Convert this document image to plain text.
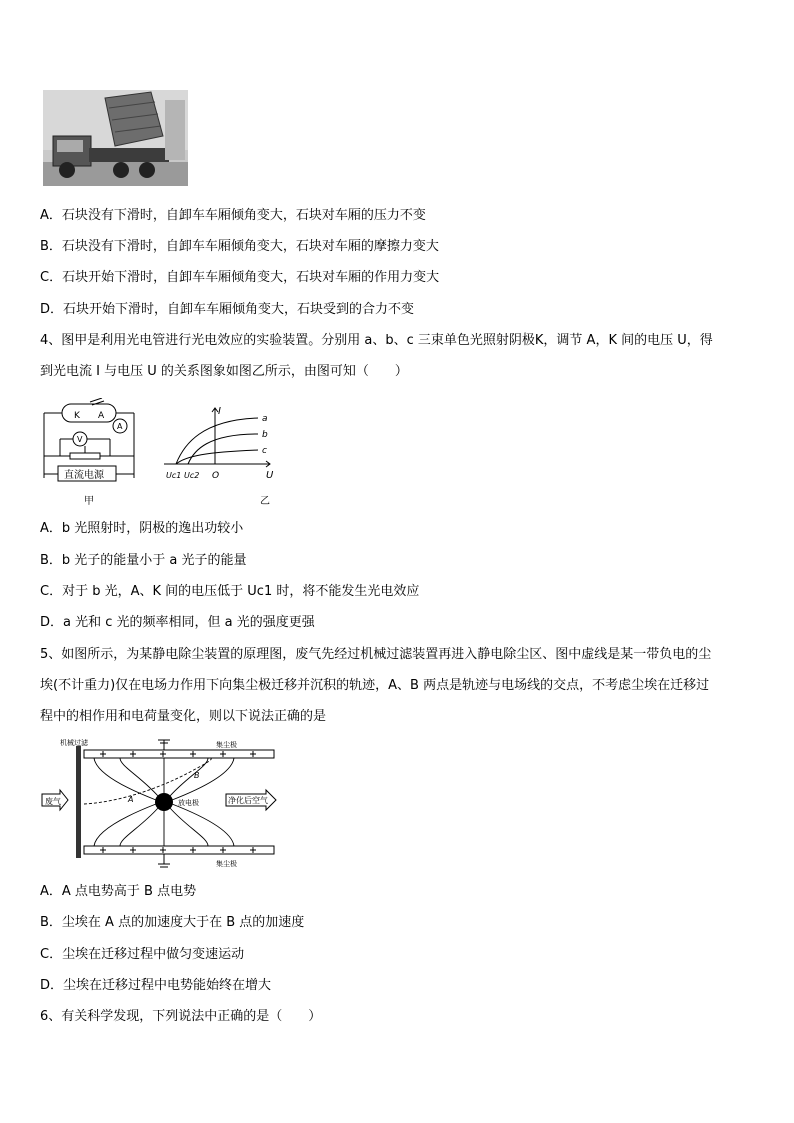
A．石块没有下滑时，自卸车车厢倾角变大，石块对车厢的压力不变
B．石块没有下滑时，自卸车车厢倾角变大，石块对车厢的摩擦力变大
C．石块开始下滑时，自卸车车厢倾角变大，石块对车厢的作用力变大
D．石块开始下滑时，自卸车车厢倾角变大，石块受到的合力不变
4、图甲是利用光电管进行光电效应的实验装置。分别用 a、b、c 三束单色光照射阴极K，调节 A，K 间的电压 U，得
到光电流 I 与电压 U 的关系图象如图乙所示，由图可知（　　）
K A
A
V
直流电源
甲
I
U
O
Uc1 Uc2
a
b
c
乙
A．b 光照射时，阴极的逸出功较小
B．b 光子的能量小于 a 光子的能量
C．对于 b 光，A、K 间的电压低于 Uc1 时，将不能发生光电效应
D．a 光和 c 光的频率相同，但 a 光的强度更强
5、如图所示，为某静电除尘装置的原理图，废气先经过机械过滤装置再进入静电除尘区、图中虚线是某一带负电的尘
埃(不计重力)仅在电场力作用下向集尘极迁移并沉积的轨迹，A、B 两点是轨迹与电场线的交点，不考虑尘埃在迁移过
程中的相作用和电荷量变化，则以下说法正确的是
废气	净化后空气
机械过滤	集尘极
集尘极
放电极
A
B
A．A 点电势高于 B 点电势
B．尘埃在 A 点的加速度大于在 B 点的加速度
C．尘埃在迁移过程中做匀变速运动
D．尘埃在迁移过程中电势能始终在增大
6、有关科学发现，下列说法中正确的是（　　）
